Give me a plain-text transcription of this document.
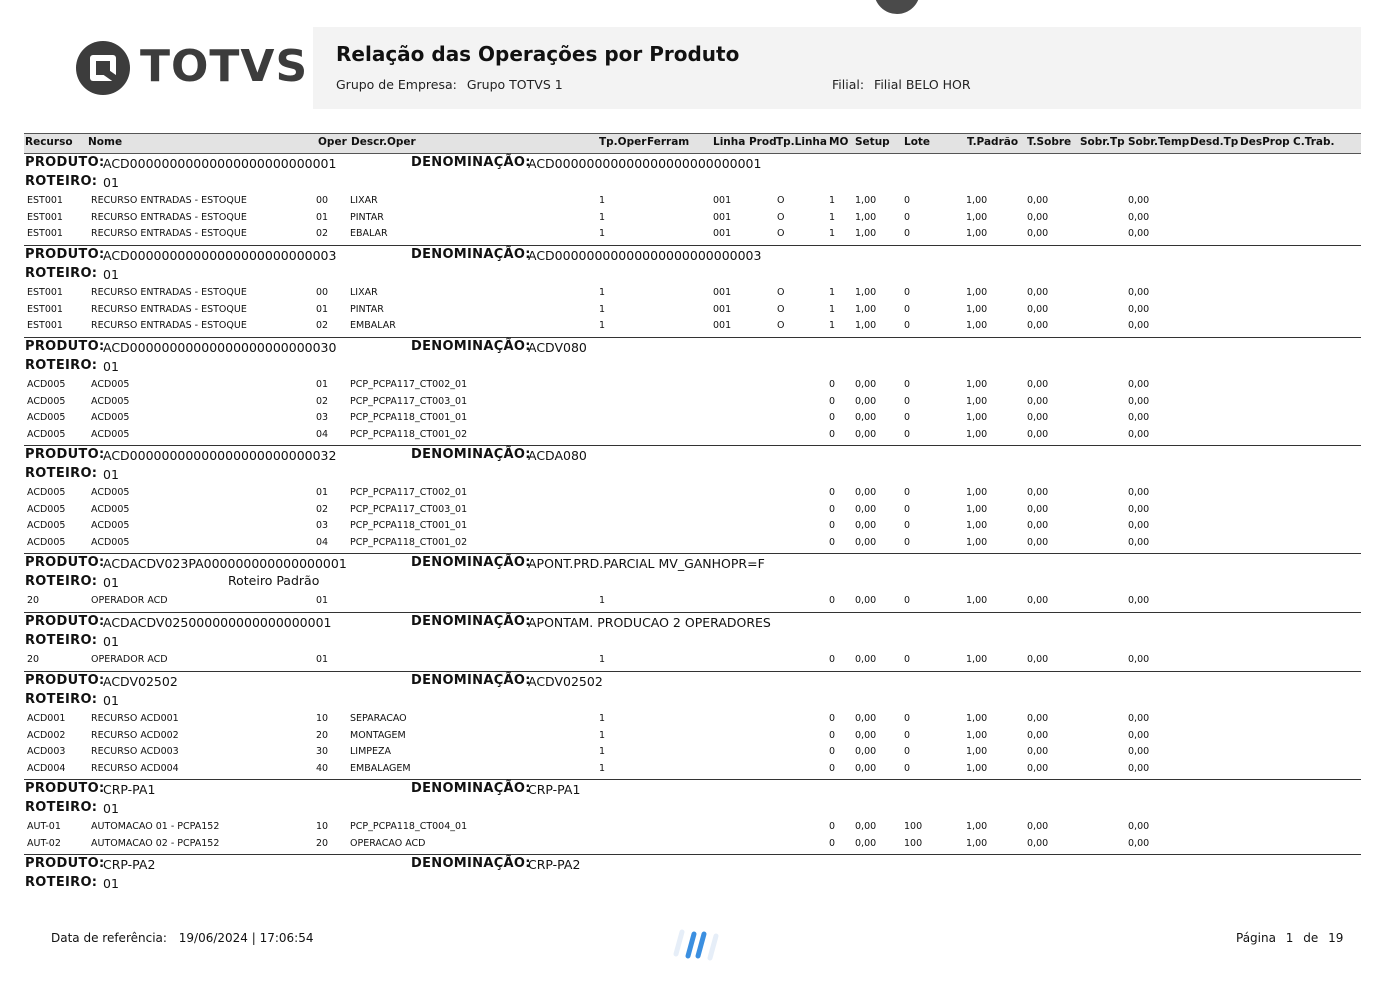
TOTVS Relação das Operações por Produto
Grupo de Empresa: Grupo TOTVS 1	Filial: Filial BELO HOR
Recurso Nome	Oper Descr.Oper	Tp.Oper Ferram Linha Prod Tp.Linha MO Setup Lote	T.Padrão T.Sobre Sobr.Tp Sobr.Temp Desd.Tp DesProp C.Trab.
PRODUTO:
ACD00000000000000000000000001	DENOMINAÇÃO:
ACD00000000000000000000000001
ROTEIRO: 01
EST001	RECURSO ENTRADAS - ESTOQUE	00 LIXAR	1	001	O	1 1,00	0	1,00	0,00	0,00
EST001	RECURSO ENTRADAS - ESTOQUE	01 PINTAR	1	001	O	1 1,00	0	1,00	0,00	0,00
EST001	RECURSO ENTRADAS - ESTOQUE	02 EBALAR	1	001	O	1 1,00	0	1,00	0,00	0,00
PRODUTO:
ACD00000000000000000000000003	DENOMINAÇÃO:
ACD00000000000000000000000003
ROTEIRO: 01
EST001	RECURSO ENTRADAS - ESTOQUE	00 LIXAR	1	001	O	1 1,00	0	1,00	0,00	0,00
EST001	RECURSO ENTRADAS - ESTOQUE	01 PINTAR	1	001	O	1 1,00	0	1,00	0,00	0,00
EST001	RECURSO ENTRADAS - ESTOQUE	02 EMBALAR	1	001	O	1 1,00	0	1,00	0,00	0,00
PRODUTO:
ACD00000000000000000000000030	DENOMINAÇÃO:
ACDV080
ROTEIRO: 01
ACD005	ACD005	01 PCP_PCPA117_CT002_01	0 0,00	0	1,00	0,00	0,00
ACD005	ACD005	02 PCP_PCPA117_CT003_01	0 0,00	0	1,00	0,00	0,00
ACD005	ACD005	03 PCP_PCPA118_CT001_01	0 0,00	0	1,00	0,00	0,00
ACD005	ACD005	04 PCP_PCPA118_CT001_02	0 0,00	0	1,00	0,00	0,00
PRODUTO:
ACD00000000000000000000000032	DENOMINAÇÃO:
ACDA080
ROTEIRO: 01
ACD005	ACD005	01 PCP_PCPA117_CT002_01	0 0,00	0	1,00	0,00	0,00
ACD005	ACD005	02 PCP_PCPA117_CT003_01	0 0,00	0	1,00	0,00	0,00
ACD005	ACD005	03 PCP_PCPA118_CT001_01	0 0,00	0	1,00	0,00	0,00
ACD005	ACD005	04 PCP_PCPA118_CT001_02	0 0,00	0	1,00	0,00	0,00
PRODUTO:
ACDACDV023PA000000000000000001	DENOMINAÇÃO:
APONT.PRD.PARCIAL MV_GANHOPR=F
ROTEIRO: 01	Roteiro Padrão
20	OPERADOR ACD	01	1	0 0,00	0	1,00	0,00	0,00
PRODUTO:
ACDACDV025000000000000000001	DENOMINAÇÃO:
APONTAM. PRODUCAO 2 OPERADORES
ROTEIRO: 01
20	OPERADOR ACD	01	1	0 0,00	0	1,00	0,00	0,00
PRODUTO:
ACDV02502	DENOMINAÇÃO:
ACDV02502
ROTEIRO: 01
ACD001	RECURSO ACD001	10 SEPARACAO	1	0 0,00	0	1,00	0,00	0,00
ACD002	RECURSO ACD002	20 MONTAGEM	1	0 0,00	0	1,00	0,00	0,00
ACD003	RECURSO ACD003	30 LIMPEZA	1	0 0,00	0	1,00	0,00	0,00
ACD004	RECURSO ACD004	40 EMBALAGEM	1	0 0,00	0	1,00	0,00	0,00
PRODUTO:
CRP-PA1	DENOMINAÇÃO:
CRP-PA1
ROTEIRO: 01
AUT-01	AUTOMACAO 01 - PCPA152	10 PCP_PCPA118_CT004_01	0 0,00	100	1,00	0,00	0,00
AUT-02	AUTOMACAO 02 - PCPA152	20 OPERACAO ACD	0 0,00	100	1,00	0,00	0,00
PRODUTO:
CRP-PA2	DENOMINAÇÃO:
CRP-PA2
ROTEIRO: 01
Data de referência: 19/06/2024 | 17:06:54	Página 1 de 19
